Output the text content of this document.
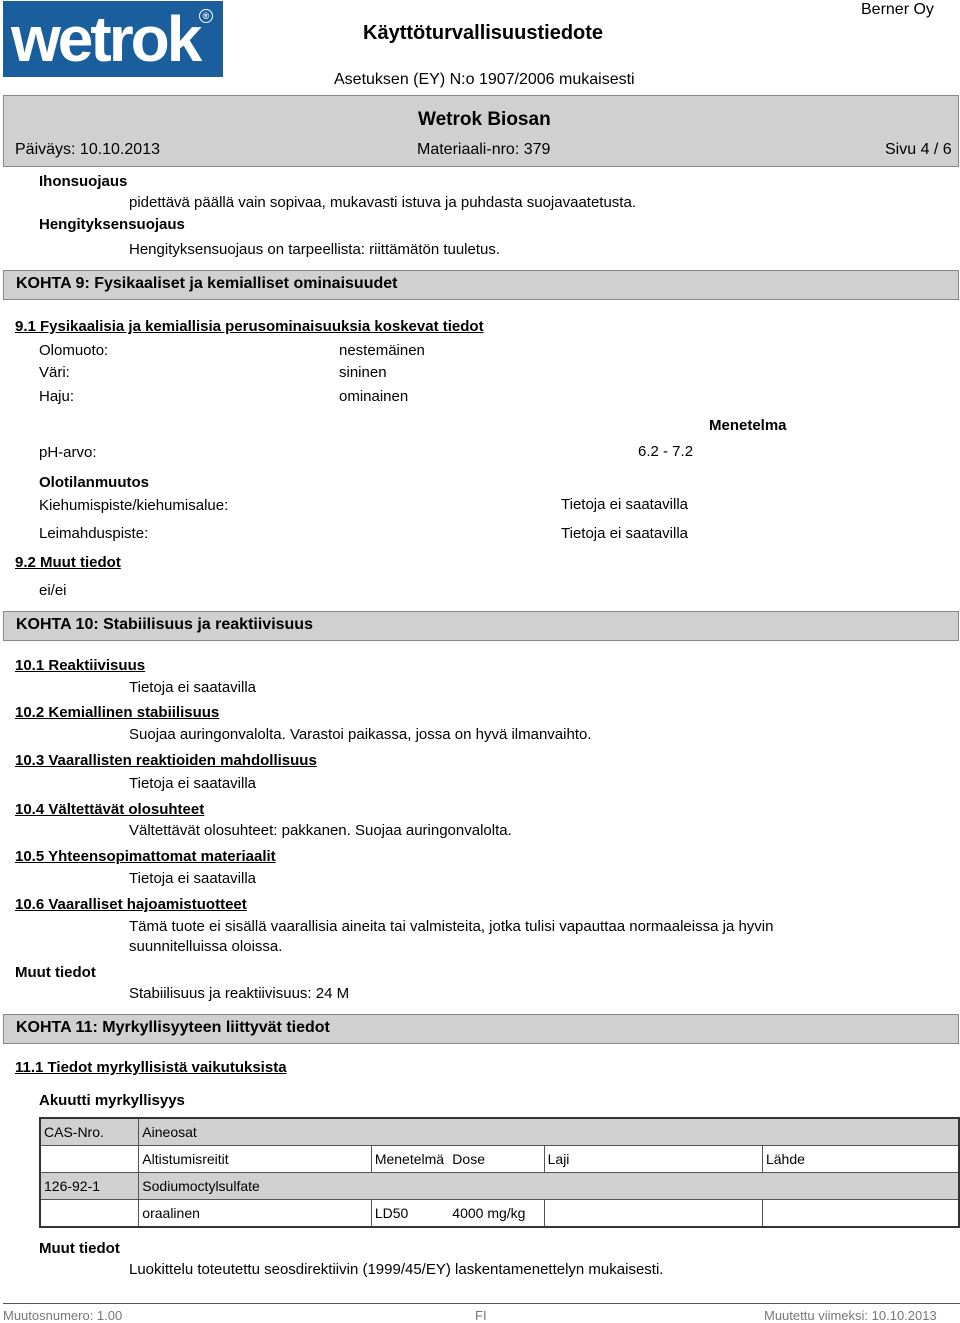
wetrok ®
Käyttöturvallisuustiedote
Berner Oy
Asetuksen (EY) N:o 1907/2006 mukaisesti
Wetrok Biosan
Päiväys: 10.10.2013	Materiaali-nro: 379	Sivu 4 / 6
Ihonsuojaus
pidettävä päällä vain sopivaa, mukavasti istuva ja puhdasta suojavaatetusta.
Hengityksensuojaus
Hengityksensuojaus on tarpeellista: riittämätön tuuletus.
KOHTA 9: Fysikaaliset ja kemialliset ominaisuudet
9.1 Fysikaalisia ja kemiallisia perusominaisuuksia koskevat tiedot
Olomuoto:	nestemäinen
Väri:	sininen
Haju:	ominainen
Menetelma
pH-arvo:	6.2 - 7.2
Olotilanmuutos
Kiehumispiste/kiehumisalue:	Tietoja ei saatavilla
Leimahduspiste:	Tietoja ei saatavilla
9.2 Muut tiedot
ei/ei
KOHTA 10: Stabiilisuus ja reaktiivisuus
10.1 Reaktiivisuus
Tietoja ei saatavilla
10.2 Kemiallinen stabiilisuus
Suojaa auringonvalolta. Varastoi paikassa, jossa on hyvä ilmanvaihto.
10.3 Vaarallisten reaktioiden mahdollisuus
Tietoja ei saatavilla
10.4 Vältettävät olosuhteet
Vältettävät olosuhteet: pakkanen. Suojaa auringonvalolta.
10.5 Yhteensopimattomat materiaalit
Tietoja ei saatavilla
10.6 Vaaralliset hajoamistuotteet
Tämä tuote ei sisällä vaarallisia aineita tai valmisteita, jotka tulisi vapauttaa normaaleissa ja hyvin
suunnitelluissa oloissa.
Muut tiedot
Stabiilisuus ja reaktiivisuus: 24 M
KOHTA 11: Myrkyllisyyteen liittyvät tiedot
11.1 Tiedot myrkyllisistä vaikutuksista
Akuutti myrkyllisyys
CAS-Nro.	Aineosat				
	Altistumisreitit	Menetelmä	Dose	Laji	Lähde
126-92-1	Sodiumoctylsulfate				
	oraalinen	LD50	4000 mg/kg		
Muut tiedot
Luokittelu toteutettu seosdirektiivin (1999/45/EY) laskentamenettelyn mukaisesti.
Muutosnumero: 1.00	FI	Muutettu viimeksi: 10.10.2013
